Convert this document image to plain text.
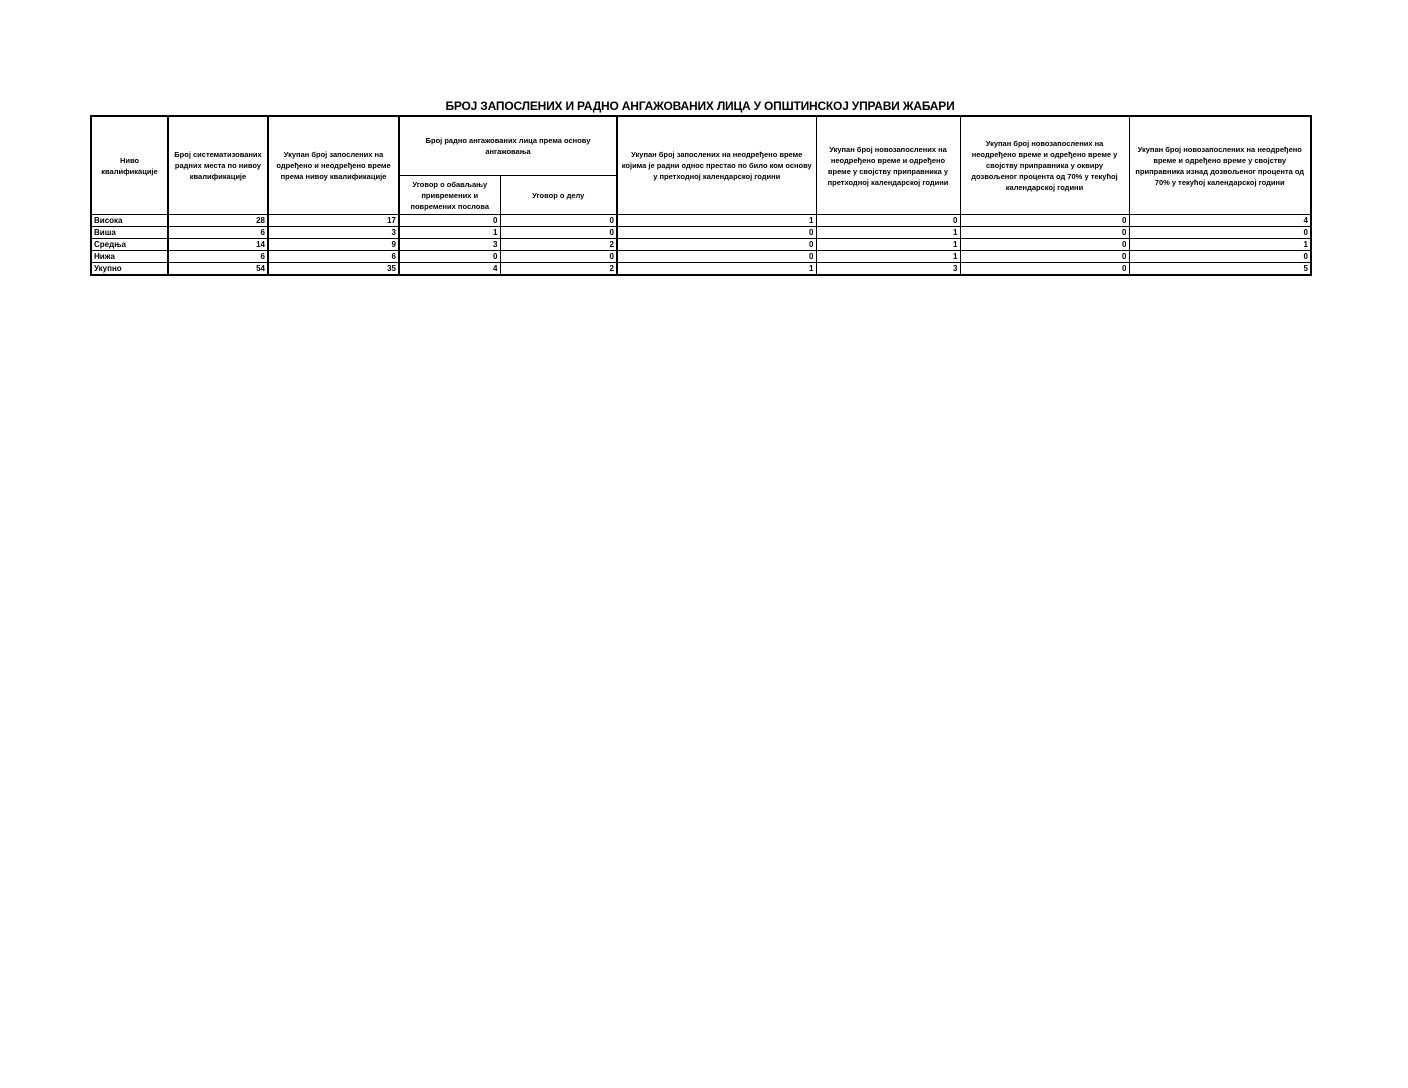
БРОЈ ЗАПОСЛЕНИХ И РАДНО АНГАЖОВАНИХ ЛИЦА У ОПШТИНСКОЈ УПРАВИ ЖАБАРИ
Ниво квалификације	Број систематизованих радних места по нивоу квалификације	Укупан број запослених на одређено и неодређено време према нивоу квалификације	Број радно ангажованих лица према основу ангажовања		Укупан број запослених на неодређено време којима је радни однос престао по било ком основу у претходној календарској години	Укупан број новозапослених на неодређено време и одређено време у својству приправника у претходној календарској години	Укупан број новозапослених на неодређено време и одређено време у својству приправника у оквиру дозвољеног процента од 70% у текућој календарској години	Укупан број новозапослених на неодређено време и одређено време у својству приправника изнад дозвољеног процента од 70% у текућој календарској години
			Уговор о обављању привремених и повремених послова	Уговор о делу				
Висока	28	17	0	0	1	0	0	4
Виша	6	3	1	0	0	1	0	0
Средња	14	9	3	2	0	1	0	1
Нижа	6	6	0	0	0	1	0	0
Укупно	54	35	4	2	1	3	0	5
